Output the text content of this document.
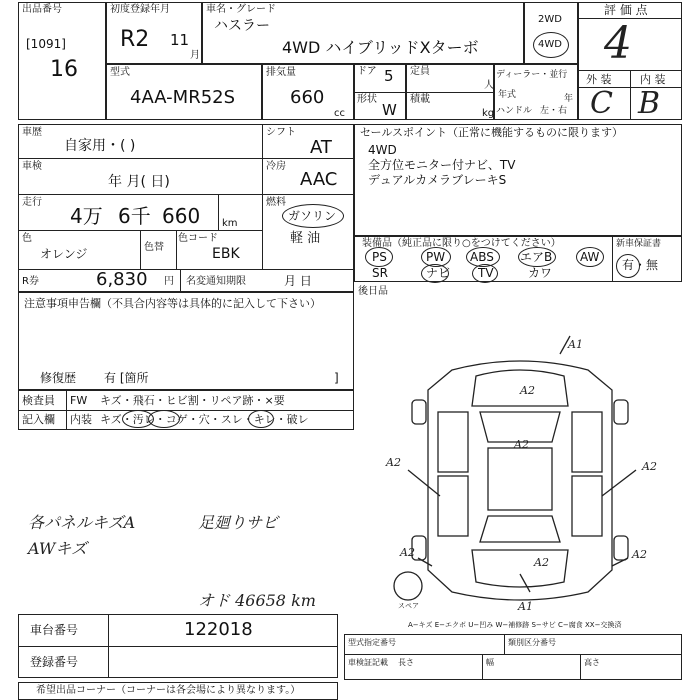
出品番号
[1091]
16
初度登録年月
R2 11
月
車名・グレード
ハスラー
4WD ハイブリッドXターボ
2WD
4WD
評 価 点
4
外 装	内 装
C B
型式
4AA-MR52S
排気量
660
cc
ドア 5
形状
W
定員
人
積載
kg
ディーラー・並行
年式	年
ハンドル 左・右
車歴
自家用・( )
シフト
AT
車検
年 月( 日)
冷房
AAC
走行
4万 6千 660 km
燃料
ガソリン
軽 油
色
オレンジ	色替
色コード
EBK
R券	6,830 円 名変通知期限	月 日
セールスポイント（正常に機能するものに限ります）
4WD
全方位モニター付ナビ、TV
デュアルカメラブレーキS
装備品（純正品に限り○をつけてください）	新車保証書
有・無
PS	PW ABS エアB AW
SR	ナビ TV	カワ
後日品
注意事項申告欄（不具合内容等は具体的に記入して下さい）
修復歴 有 [箇所	]
検査員
記入欄
FW キズ・飛石・ヒビ割・リペア跡・×要
内装 キズ・汚レ・コゲ・穴・スレ・キレ・破レ
各パネルキズA
AWキズ
足廻りサビ
オド 46658 km
A1
A2
A2
A2	A2
A2	A2
A2
A1
スペア
A−キズ E−エクボ U−凹み W−補修跡 S−サビ C−腐食 XX−交換済
車台番号	122018
登録番号
型式指定番号	類別区分番号
車検証記載 長さ	幅	高さ
希望出品コーナー（コーナーは各会場により異なります。）
